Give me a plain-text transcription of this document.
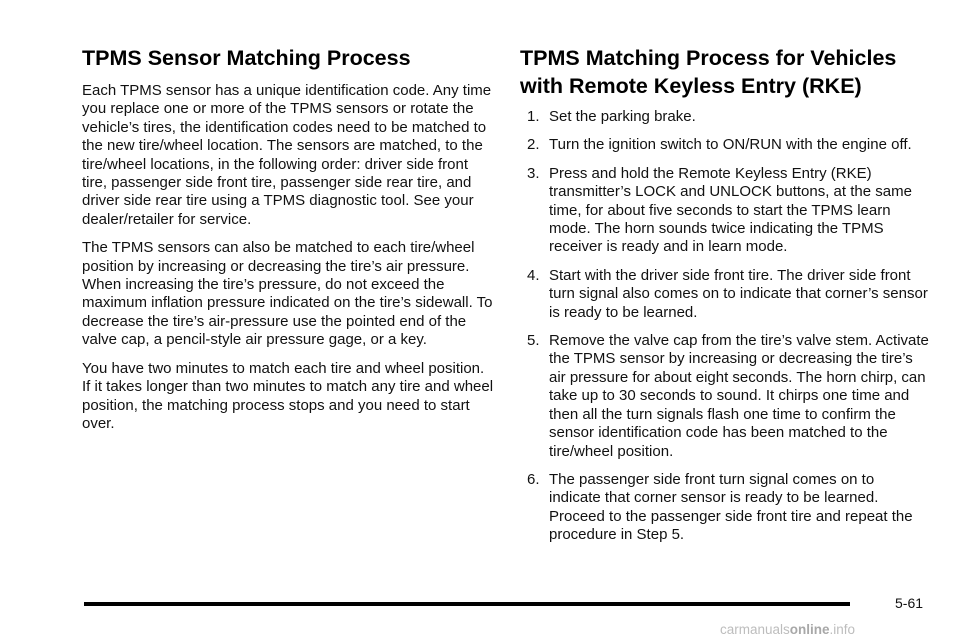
TPMS Sensor Matching Process

Each TPMS sensor has a unique identification code. Any time you replace one or more of the TPMS sensors or rotate the vehicle’s tires, the identification codes need to be matched to the new tire/wheel location. The sensors are matched, to the tire/wheel locations, in the following order: driver side front tire, passenger side front tire, passenger side rear tire, and driver side rear tire using a TPMS diagnostic tool. See your dealer/retailer for service.

The TPMS sensors can also be matched to each tire/wheel position by increasing or decreasing the tire’s air pressure. When increasing the tire’s pressure, do not exceed the maximum inflation pressure indicated on the tire’s sidewall. To decrease the tire’s air-pressure use the pointed end of the valve cap, a pencil-style air pressure gage, or a key.

You have two minutes to match each tire and wheel position. If it takes longer than two minutes to match any tire and wheel position, the matching process stops and you need to start over.

TPMS Matching Process for Vehicles with Remote Keyless Entry (RKE)
1. Set the parking brake.
2. Turn the ignition switch to ON/RUN with the engine off.
3. Press and hold the Remote Keyless Entry (RKE) transmitter’s LOCK and UNLOCK buttons, at the same time, for about five seconds to start the TPMS learn mode. The horn sounds twice indicating the TPMS receiver is ready and in learn mode.
4. Start with the driver side front tire. The driver side front turn signal also comes on to indicate that corner’s sensor is ready to be learned.
5. Remove the valve cap from the tire’s valve stem. Activate the TPMS sensor by increasing or decreasing the tire’s air pressure for about eight seconds. The horn chirp, can take up to 30 seconds to sound. It chirps one time and then all the turn signals flash one time to confirm the sensor identification code has been matched to the tire/wheel position.
6. The passenger side front turn signal comes on to indicate that corner sensor is ready to be learned. Proceed to the passenger side front tire and repeat the procedure in Step 5.
5-61
carmanualsonline.info
